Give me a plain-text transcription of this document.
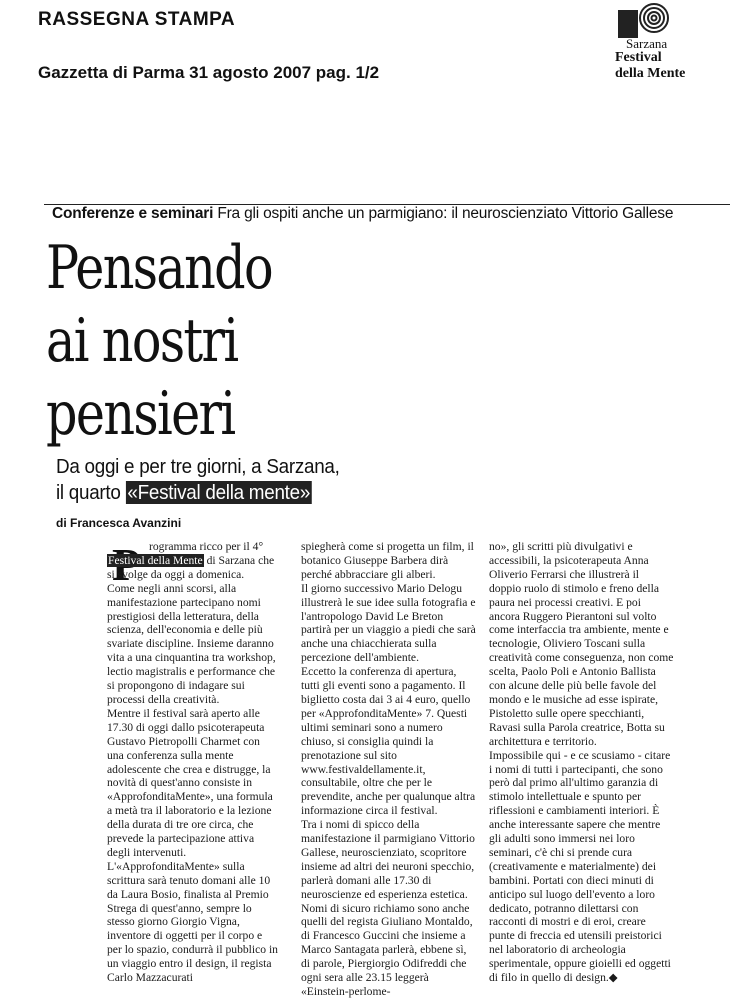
RASSEGNA STAMPA
Gazzetta di Parma 31 agosto 2007 pag. 1/2
Sarzana
Festival
della Mente
Conferenze e seminari Fra gli ospiti anche un parmigiano: il neuroscienziato Vittorio Gallese
Pensando
ai nostri
pensieri
Da oggi e per tre giorni, a Sarzana,
il quarto «Festival della mente»
di Francesca Avanzini
rogramma ricco per il 4° Festival della Mente di Sarzana che si svolge da oggi a domenica.
Come negli anni scorsi, alla manifestazione partecipano nomi prestigiosi della letteratura, della scienza, dell'economia e delle più svariate discipline. Insieme daranno vita a una cinquantina tra workshop, lectio magistralis e performance che si propongono di indagare sui processi della creatività.
Mentre il festival sarà aperto alle 17.30 di oggi dallo psicoterapeuta Gustavo Pietropolli Charmet con una conferenza sulla mente adolescente che crea e distrugge, la novità di quest'anno consiste in «ApprofonditaMente», una formula a metà tra il laboratorio e la lezione della durata di tre ore circa, che prevede la partecipazione attiva degli intervenuti.
L'«ApprofonditaMente» sulla scrittura sarà tenuto domani alle 10 da Laura Bosio, finalista al Premio Strega di quest'anno, sempre lo stesso giorno Giorgio Vigna, inventore di oggetti per il corpo e per lo spazio, condurrà il pubblico in un viaggio entro il design, il regista Carlo Mazzacurati
spiegherà come si progetta un film, il botanico Giuseppe Barbera dirà perché abbracciare gli alberi.
Il giorno successivo Mario Delogu illustrerà le sue idee sulla fotografia e l'antropologo David Le Breton partirà per un viaggio a piedi che sarà anche una chiacchierata sulla percezione dell'ambiente.
Eccetto la conferenza di apertura, tutti gli eventi sono a pagamento. Il biglietto costa dai 3 ai 4 euro, quello per «ApprofonditaMente» 7. Questi ultimi seminari sono a numero chiuso, si consiglia quindi la prenotazione sul sito www.festivaldellamente.it, consultabile, oltre che per le prevendite, anche per qualunque altra informazione circa il festival.
Tra i nomi di spicco della manifestazione il parmigiano Vittorio Gallese, neuroscienziato, scopritore insieme ad altri dei neuroni specchio, parlerà domani alle 17.30 di neuroscienze ed esperienza estetica. Nomi di sicuro richiamo sono anche quelli del regista Giuliano Montaldo, di Francesco Guccini che insieme a Marco Santagata parlerà, ebbene sì, di parole, Piergiorgio Odifreddi che ogni sera alle 23.15 leggerà «Einstein-perlome-
no», gli scritti più divulgativi e accessibili, la psicoterapeuta Anna Oliverio Ferrarsi che illustrerà il doppio ruolo di stimolo e freno della paura nei processi creativi. E poi ancora Ruggero Pierantoni sul volto come interfaccia tra ambiente, mente e tecnologie, Oliviero Toscani sulla creatività come conseguenza, non come scelta, Paolo Poli e Antonio Ballista con alcune delle più belle favole del mondo e le musiche ad esse ispirate, Pistoletto sulle opere specchianti, Ravasi sulla Parola creatrice, Botta su architettura e territorio.
Impossibile qui - e ce scusiamo - citare i nomi di tutti i partecipanti, che sono però dal primo all'ultimo garanzia di stimolo intellettuale e spunto per riflessioni e cambiamenti interiori. È anche interessante sapere che mentre gli adulti sono immersi nei loro seminari, c'è chi si prende cura (creativamente e materialmente) dei bambini. Portati con dieci minuti di anticipo sul luogo dell'evento a loro dedicato, potranno dilettarsi con racconti di mostri e di eroi, creare punte di freccia ed utensili preistorici nel laboratorio di archeologia sperimentale, oppure gioielli ed oggetti di filo in quello di design.◆
